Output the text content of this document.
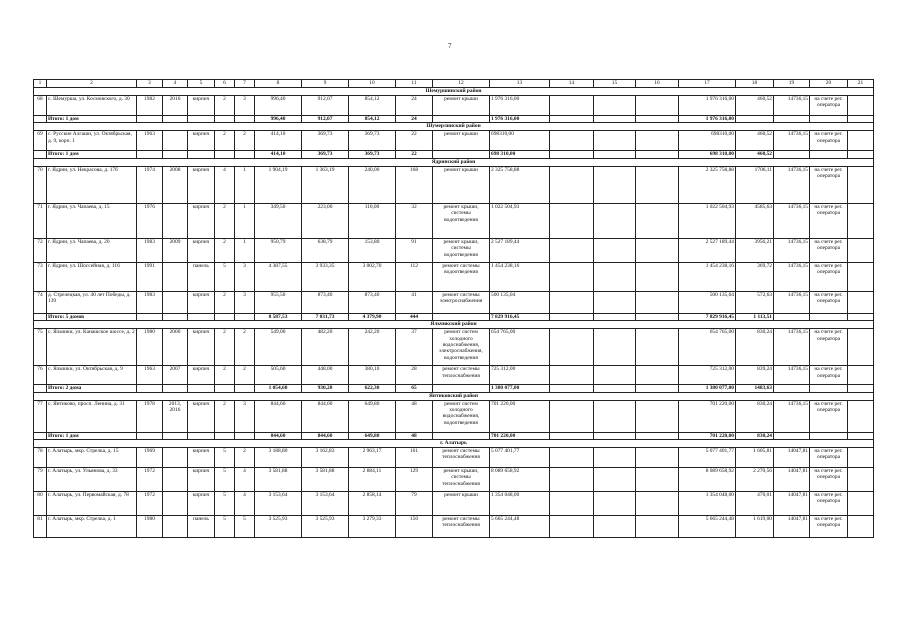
7
1	2	3	4	5	6	7	8	9	10	11	12	13	14	15	16	17	18	19	20	21
Шемуршинский район																				
68	с. Шемурша, ул. Космовского, д. 30	1982	2016	кирпич	2	3	996,40	912,07	854,12	24	ремонт крыши	1 976 316,00				1 976 316,00	460,52	14736,15	на счете рег. оператора	
	Итого: 1 дом						996,40	912,07	854,12	24		1 976 316,00				1 976 316,00				
Шумерлинский район																				
69	с. Русские Алгаши, ул. Октябрьская, д. 9, корп. 1	1963		кирпич	2	2	414,10	369,73	369,73	22	ремонт крыши	698310,00				698310,00	460,52	14736,15	на счете рег. оператора	
	Итого: 1 дом						414,10	369,73	369,73	22		698 310,00				698 310,00	460,52			
Ядринский район																				
70	г. Ядрин, ул. Некрасова, д. 17б	1974	2008	кирпич	4	1	1 904,19	1 363,19	240,00	168	ремонт крыши	2 325 758,88				2 325 758,88	1706,11	14736,15	на счете рег. оператора	
71	г. Ядрин, ул. Чапаева, д. 15	1976		кирпич	2	1	349,50	223,00	110,00	32	ремонт крыши, системы водоотведения	1 022 504,93				1 022 504,93	4585,63	14736,15	на счете рег. оператора	
72	г. Ядрин, ул. Чапаева, д. 20	1983	2009	кирпич	2	1	950,79	638,79	153,80	91	ремонт крыши, системы водоотведения	2 527 189,44				2 527 189,44	3956,21	14736,15	на счете рег. оператора	
73	г. Ядрин, ул. Шоссейная, д. 116	1991		панель	5	3	4 387,55	3 933,35	3 002,70	112	ремонт системы водоотведения	1 454 238,16				1 454 238,16	369,72	14736,15	на счете рег. оператора	
74	д. Стрелецкая, ул. 40 лет Победы, д. 139	1983		кирпич	2	3	955,50	873,40	873,40	41	ремонт системы электроснабжения	500 135,04				500 135,04	572,63	14736,15	на счете рег. оператора	
	Итого: 5 домов						8 587,53	7 031,73	4 379,90	444		7 829 916,45				7 829 916,45	1 113,51			
Яльчикский район																				
75	с. Яльчики, ул. Канашское шоссе, д. 2	1980	2000	кирпич	2	2	549,00	482,20	242,20	37	ремонт систем холодного водоснабжения, электроснабжения, водоотведения	654 765,00				654 765,00	830,24	14736,15	на счете рег. оператора	
76	с. Яльчики, ул. Октябрьская, д. 9	1963	2007	кирпич	2	2	505,60	448,00	380,10	28	ремонт системы теплоснабжения	725 312,00				725 312,00	839,24	14736,15	на счете рег. оператора	
	Итого: 2 дома						1 054,60	930,20	622,30	65		1 380 077,00				1 380 077,00	1483,63			
Янтиковский район																				
77	с. Янтиково, просп. Ленина, д. 31	1978	2013, 2016	кирпич	2	3	844,60	844,60	649,80	48	ремонт систем холодного водоснабжения, водоотведения	701 220,00				701 220,00	830,24	14736,15	на счете рег. оператора	
	Итого: 1 дом						844,60	844,60	649,80	48		701 220,00				701 220,00	830,24			
г. Алатырь																				
78	г. Алатырь, мкр. Стрелка, д. 15	1969		кирпич	5	2	3 188,80	3 162,83	2 963,17	161	ремонт системы теплоснабжения	5 077 401,77				5 077 401,77	1 605,81	14047,81	на счете рег. оператора	
79	г. Алатырь, ул. Ульянова, д. 33	1972		кирпич	5	4	3 581,88	3 581,88	2 884,11	129	ремонт крыши, системы теплоснабжения	8 089 658,92				8 089 658,92	2 270,56	14047,81	на счете рег. оператора	
80	г. Алатырь, ул. Первомайская, д. 78	1972		кирпич	5	4	3 153,64	3 153,64	2 858,14	79	ремонт крыши	1 354 048,00				1 354 048,00	470,01	14047,81	на счете рег. оператора	
81	г. Алатырь, мкр. Стрелка, д. 1	1980		панель	5	5	3 525,93	3 525,93	3 279,33	150	ремонт системы теплоснабжения	5 665 244,48				5 665 244,48	1 619,00	14047,81	на счете рег. оператора	
